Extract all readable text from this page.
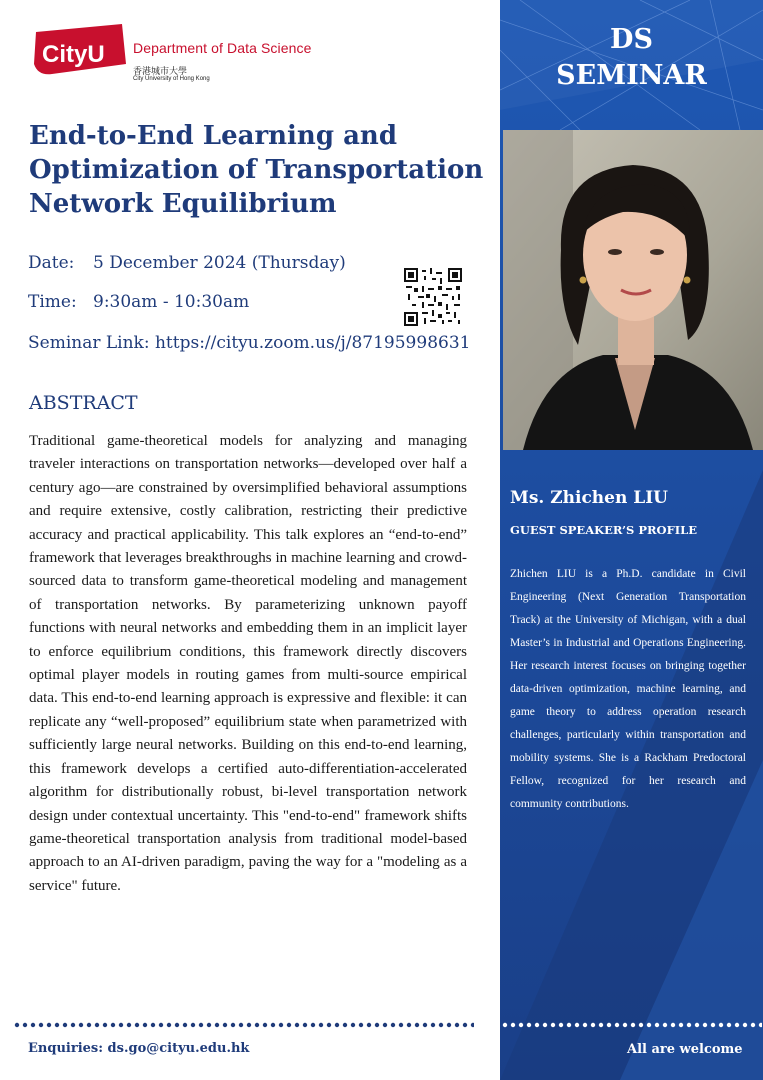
CityU Department of Data Science
香港城市大學
City University of Hong Kong
End-to-End Learning and Optimization of Transportation Network Equilibrium
Date: 5 December 2024 (Thursday)
Time: 9:30am - 10:30am
Seminar Link: https://cityu.zoom.us/j/87195998631
ABSTRACT

Traditional game-theoretical models for analyzing and managing traveler interactions on transportation networks—developed over half a century ago—are constrained by oversimplified behavioral assumptions and require extensive, costly calibration, restricting their predictive accuracy and practical applicability. This talk explores an “end-to-end” framework that leverages breakthroughs in machine learning and crowd-sourced data to transform game-theoretical modeling and management of transportation networks. By parameterizing unknown payoff functions with neural networks and embedding them in an implicit layer to enforce equilibrium conditions, this framework directly discovers optimal player models in routing games from multi-source empirical data. This end-to-end learning approach is expressive and flexible: it can replicate any “well-proposed” equilibrium state when parametrized with sufficiently large neural networks. Building on this end-to-end learning, this framework develops a certified auto-differentiation-accelerated algorithm for distributionally robust, bi-level transportation network design under contextual uncertainty. This "end-to-end" framework shifts game-theoretical transportation analysis from traditional model-based approach to an AI-driven paradigm, paving the way for a "modeling as a service" future.

Enquiries: ds.go@cityu.edu.hk
DS
SEMINAR
Ms. Zhichen LIU
GUEST SPEAKER’S PROFILE

Zhichen LIU is a Ph.D. candidate in Civil Engineering (Next Generation Transportation Track) at the University of Michigan, with a dual Master’s in Industrial and Operations Engineering. Her research interest focuses on bringing together data-driven optimization, machine learning, and game theory to address operation research challenges, particularly within transportation and mobility systems. She is a Rackham Predoctoral Fellow, recognized for her research and community contributions.

All are welcome
